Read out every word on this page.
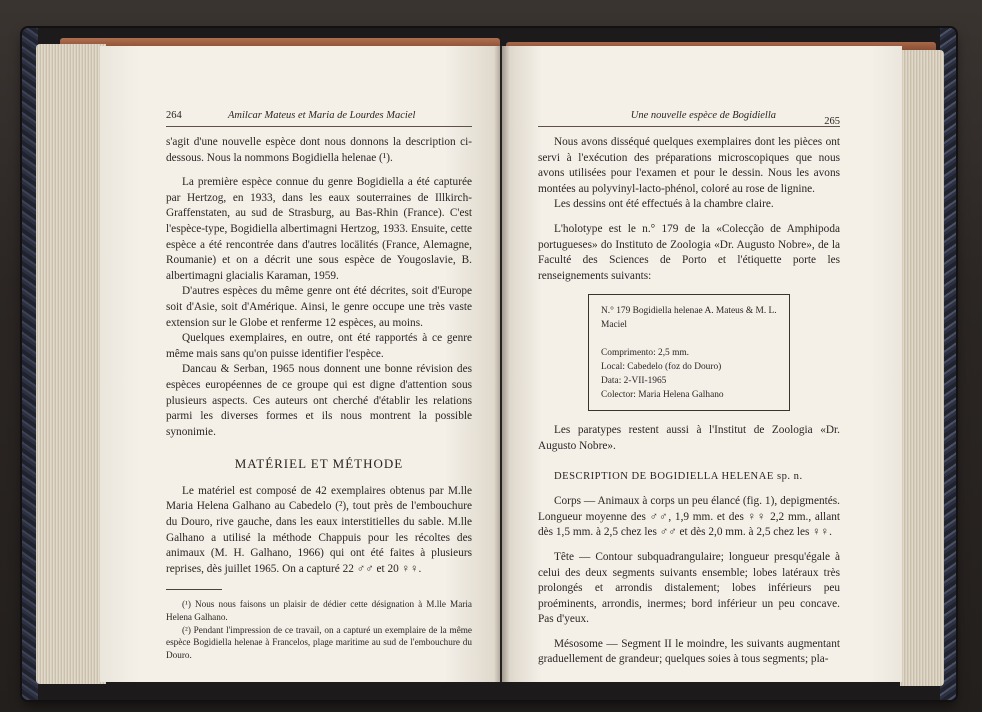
264	Amilcar Mateus et Maria de Lourdes Maciel

s'agit d'une nouvelle espèce dont nous donnons la description ci-dessous. Nous la nommons Bogidiella helenae (¹).

La première espèce connue du genre Bogidiella a été capturée par Hertzog, en 1933, dans les eaux souterraines de Illkirch-Graffenstaten, au sud de Strasburg, au Bas-Rhin (France). C'est l'espèce-type, Bogidiella albertimagni Hertzog, 1933. Ensuite, cette espèce a été rencontrée dans d'autres locälités (France, Alemagne, Roumanie) et on a décrit une sous espèce de Yougoslavie, B. albertimagni glacialis Karaman, 1959.

D'autres espèces du même genre ont été décrites, soit d'Europe soit d'Asie, soit d'Amérique. Ainsi, le genre occupe une très vaste extension sur le Globe et renferme 12 espèces, au moins.

Quelques exemplaires, en outre, ont été rapportés à ce genre même mais sans qu'on puisse identifier l'espèce.

Dancau & Serban, 1965 nous donnent une bonne révision des espèces européennes de ce groupe qui est digne d'attention sous plusieurs aspects. Ces auteurs ont cherché d'établir les relations parmi les diverses formes et ils nous montrent la possible synonimie.

MATÉRIEL ET MÉTHODE

Le matériel est composé de 42 exemplaires obtenus par M.lle Maria Helena Galhano au Cabedelo (²), tout près de l'embouchure du Douro, rive gauche, dans les eaux interstitielles du sable. M.lle Galhano a utilisé la méthode Chappuis pour les récoltes des animaux (M. H. Galhano, 1966) qui ont été faites à plusieurs reprises, dès juillet 1965. On a capturé 22 ♂♂ et 20 ♀♀.

(¹) Nous nous faisons un plaisir de dédier cette désignation à M.lle Maria Helena Galhano.

(²) Pendant l'impression de ce travail, on a capturé un exemplaire de la même espèce Bogidiella helenae à Francelos, plage maritime au sud de l'embouchure du Douro.

Une nouvelle espèce de Bogidiella
265

Nous avons disséqué quelques exemplaires dont les pièces ont servi à l'exécution des préparations microscopiques que nous avons utilisées pour l'examen et pour le dessin. Nous les avons montées au polyvinyl-lacto-phénol, coloré au rose de lignine.

Les dessins ont été effectués à la chambre claire.

L'holotype est le n.° 179 de la «Colecção de Amphipoda portugueses» do Instituto de Zoologia «Dr. Augusto Nobre», de la Faculté des Sciences de Porto et l'étiquette porte les renseignements suivants:

N.° 179 Bogidiella helenae A. Mateus & M. L. Maciel
Comprimento: 2,5 mm.
Local: Cabedelo (foz do Douro)
Data: 2-VII-1965
Colector: Maria Helena Galhano

Les paratypes restent aussi à l'Institut de Zoologia «Dr. Augusto Nobre».

DESCRIPTION DE BOGIDIELLA HELENAE sp. n.

Corps — Animaux à corps un peu élancé (fig. 1), depigmentés. Longueur moyenne des ♂♂, 1,9 mm. et des ♀♀ 2,2 mm., allant dès 1,5 mm. à 2,5 chez les ♂♂ et dès 2,0 mm. à 2,5 chez les ♀♀.

Tête — Contour subquadrangulaire; longueur presqu'égale à celui des deux segments suivants ensemble; lobes latéraux très prolongés et arrondis distalement; lobes inférieurs peu proéminents, arrondis, inermes; bord inférieur un peu concave. Pas d'yeux.

Mésosome — Segment II le moindre, les suivants augmentant graduellement de grandeur; quelques soies à tous segments; pla-
